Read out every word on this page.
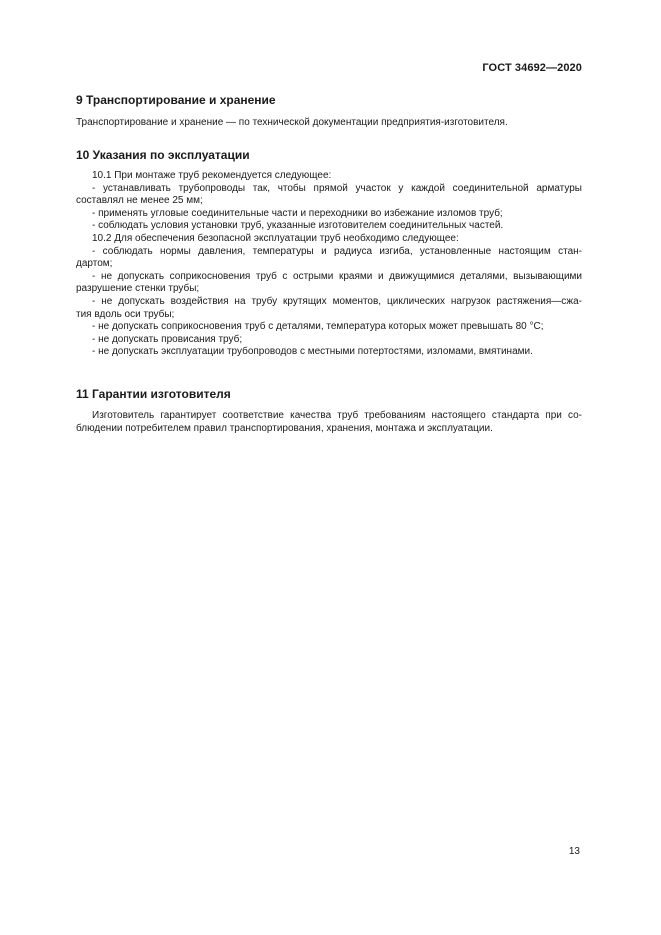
ГОСТ 34692—2020
9 Транспортирование и хранение
Транспортирование и хранение — по технической документации предприятия-изготовителя.
10 Указания по эксплуатации
10.1 При монтаже труб рекомендуется следующее:
- устанавливать трубопроводы так, чтобы прямой участок у каждой соединительной арматуры
составлял не менее 25 мм;
- применять угловые соединительные части и переходники во избежание изломов труб;
- соблюдать условия установки труб, указанные изготовителем соединительных частей.
10.2 Для обеспечения безопасной эксплуатации труб необходимо следующее:
- соблюдать нормы давления, температуры и радиуса изгиба, установленные настоящим стан-
дартом;
- не допускать соприкосновения труб с острыми краями и движущимися деталями, вызывающими
разрушение стенки трубы;
- не допускать воздействия на трубу крутящих моментов, циклических нагрузок растяжения—сжа-
тия вдоль оси трубы;
- не допускать соприкосновения труб с деталями, температура которых может превышать 80 °С;
- не допускать провисания труб;
- не допускать эксплуатации трубопроводов с местными потертостями, изломами, вмятинами.
11 Гарантии изготовителя
Изготовитель гарантирует соответствие качества труб требованиям настоящего стандарта при со-
блюдении потребителем правил транспортирования, хранения, монтажа и эксплуатации.
13
